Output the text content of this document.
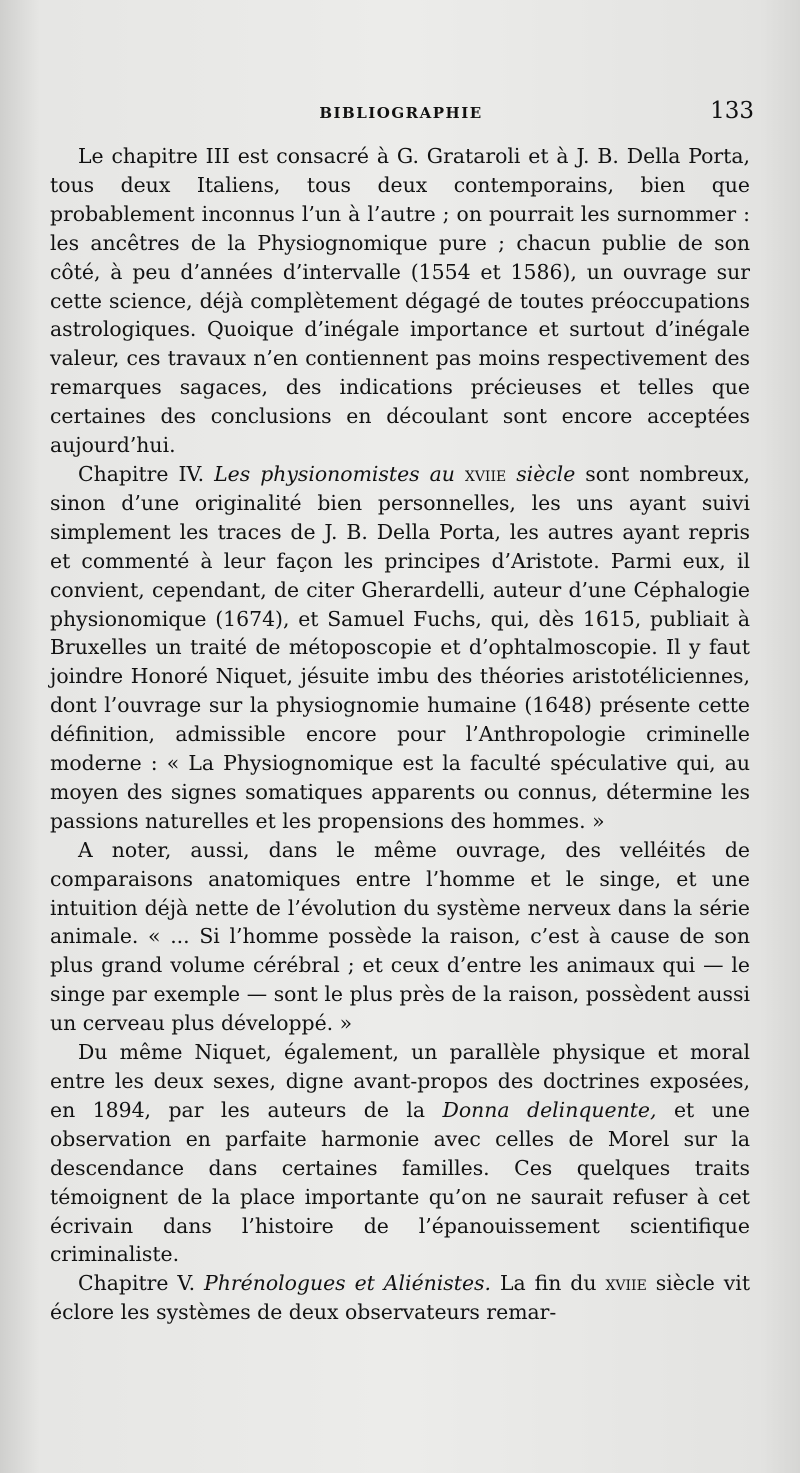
BIBLIOGRAPHIE	133

Le chapitre III est consacré à G. Grataroli et à J. B. Della Porta, tous deux Italiens, tous deux contemporains, bien que probablement inconnus l’un à l’autre ; on pourrait les surnommer : les ancêtres de la Physiognomique pure ; chacun publie de son côté, à peu d’années d’intervalle (1554 et 1586), un ouvrage sur cette science, déjà complètement dégagé de toutes préoccupations astrologiques. Quoique d’inégale importance et surtout d’inégale valeur, ces travaux n’en contiennent pas moins respectivement des remarques sagaces, des indications précieuses et telles que certaines des conclusions en découlant sont encore acceptées aujourd’hui.

Chapitre IV. Les physionomistes au xviie siècle sont nombreux, sinon d’une originalité bien personnelles, les uns ayant suivi simplement les traces de J. B. Della Porta, les autres ayant repris et commenté à leur façon les principes d’Aristote. Parmi eux, il convient, cependant, de citer Gherardelli, auteur d’une Céphalogie physionomique (1674), et Samuel Fuchs, qui, dès 1615, publiait à Bruxelles un traité de métoposcopie et d’ophtalmoscopie. Il y faut joindre Honoré Niquet, jésuite imbu des théories aristotéliciennes, dont l’ouvrage sur la physiognomie humaine (1648) présente cette définition, admissible encore pour l’Anthropologie criminelle moderne : « La Physiognomique est la faculté spéculative qui, au moyen des signes somatiques apparents ou connus, détermine les passions naturelles et les propensions des hommes. »

A noter, aussi, dans le même ouvrage, des velléités de comparaisons anatomiques entre l’homme et le singe, et une intuition déjà nette de l’évolution du système nerveux dans la série animale. « ... Si l’homme possède la raison, c’est à cause de son plus grand volume cérébral ; et ceux d’entre les animaux qui — le singe par exemple — sont le plus près de la raison, possèdent aussi un cerveau plus développé. »

Du même Niquet, également, un parallèle physique et moral entre les deux sexes, digne avant-propos des doctrines exposées, en 1894, par les auteurs de la Donna delinquente, et une observation en parfaite harmonie avec celles de Morel sur la descendance dans certaines familles. Ces quelques traits témoignent de la place importante qu’on ne saurait refuser à cet écrivain dans l’histoire de l’épanouissement scientifique criminaliste.

Chapitre V. Phrénologues et Aliénistes. La fin du xviie siècle vit éclore les systèmes de deux observateurs remar-
